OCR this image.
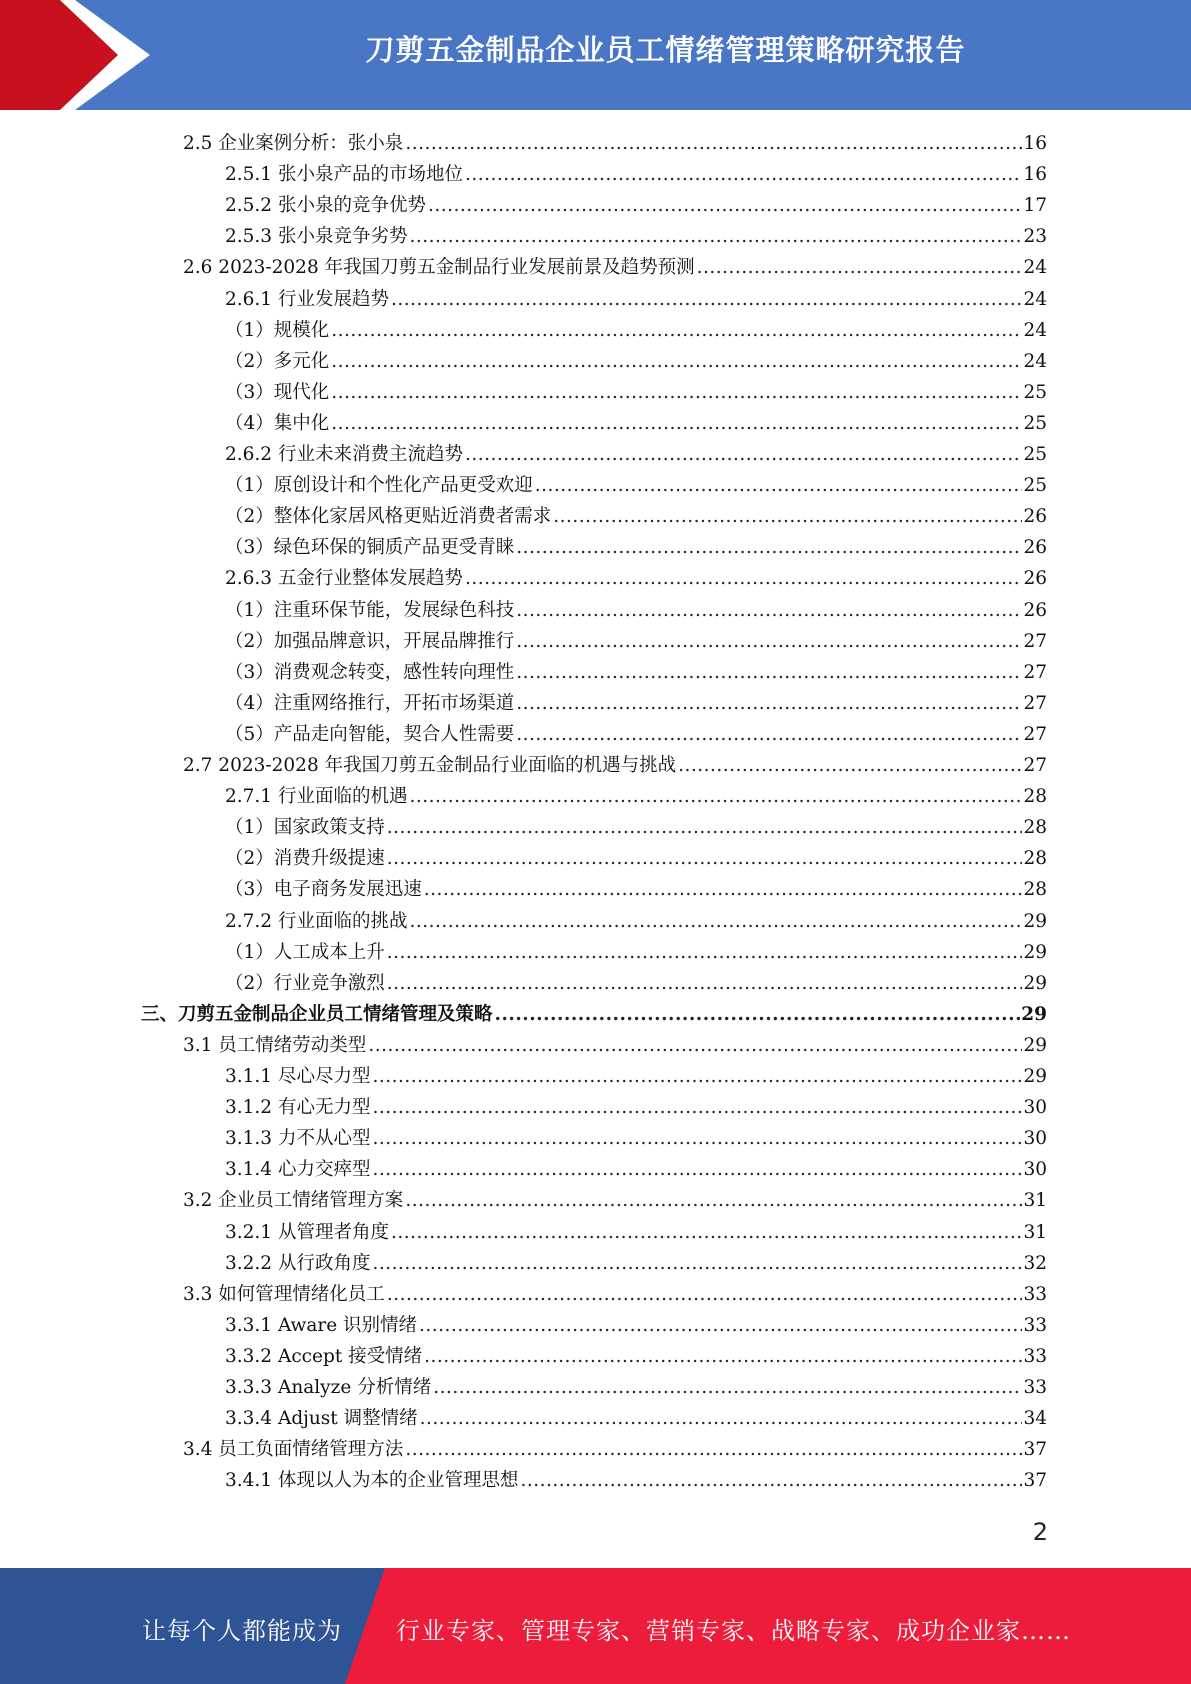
刀剪五金制品企业员工情绪管理策略研究报告
2.5 企业案例分析：张小泉 .....	16
2.5.1 张小泉产品的市场地位 .....	16
2.5.2 张小泉的竞争优势 .....	17
2.5.3 张小泉竞争劣势 .....	23
2.6 2023-2028 年我国刀剪五金制品行业发展前景及趋势预测 .....	24
2.6.1 行业发展趋势 .....	24
（1）规模化 .....	24
（2）多元化 .....	24
（3）现代化 .....	25
（4）集中化 .....	25
2.6.2 行业未来消费主流趋势 .....	25
（1）原创设计和个性化产品更受欢迎 .....	25
（2）整体化家居风格更贴近消费者需求 .....	26
（3）绿色环保的铜质产品更受青睐 .....	26
2.6.3 五金行业整体发展趋势 .....	26
（1）注重环保节能，发展绿色科技 .....	26
（2）加强品牌意识，开展品牌推行 .....	27
（3）消费观念转变，感性转向理性 .....	27
（4）注重网络推行，开拓市场渠道 .....	27
（5）产品走向智能，契合人性需要 .....	27
2.7 2023-2028 年我国刀剪五金制品行业面临的机遇与挑战 .....	27
2.7.1 行业面临的机遇 .....	28
（1）国家政策支持 .....	28
（2）消费升级提速 .....	28
（3）电子商务发展迅速 .....	28
2.7.2 行业面临的挑战 .....	29
（1）人工成本上升 .....	29
（2）行业竞争激烈 .....	29
三、刀剪五金制品企业员工情绪管理及策略 .....	29
3.1 员工情绪劳动类型 .....	29
3.1.1 尽心尽力型 .....	29
3.1.2 有心无力型 .....	30
3.1.3 力不从心型 .....	30
3.1.4 心力交瘁型 .....	30
3.2 企业员工情绪管理方案 .....	31
3.2.1 从管理者角度 .....	31
3.2.2 从行政角度 .....	32
3.3 如何管理情绪化员工 .....	33
3.3.1 Aware 识别情绪 .....	33
3.3.2 Accept 接受情绪 .....	33
3.3.3 Analyze 分析情绪 .....	33
3.3.4 Adjust 调整情绪 .....	34
3.4 员工负面情绪管理方法 .....	37
3.4.1 体现以人为本的企业管理思想 .....	37
2
让每个人都能成为 行业专家、管理专家、营销专家、战略专家、成功企业家……
